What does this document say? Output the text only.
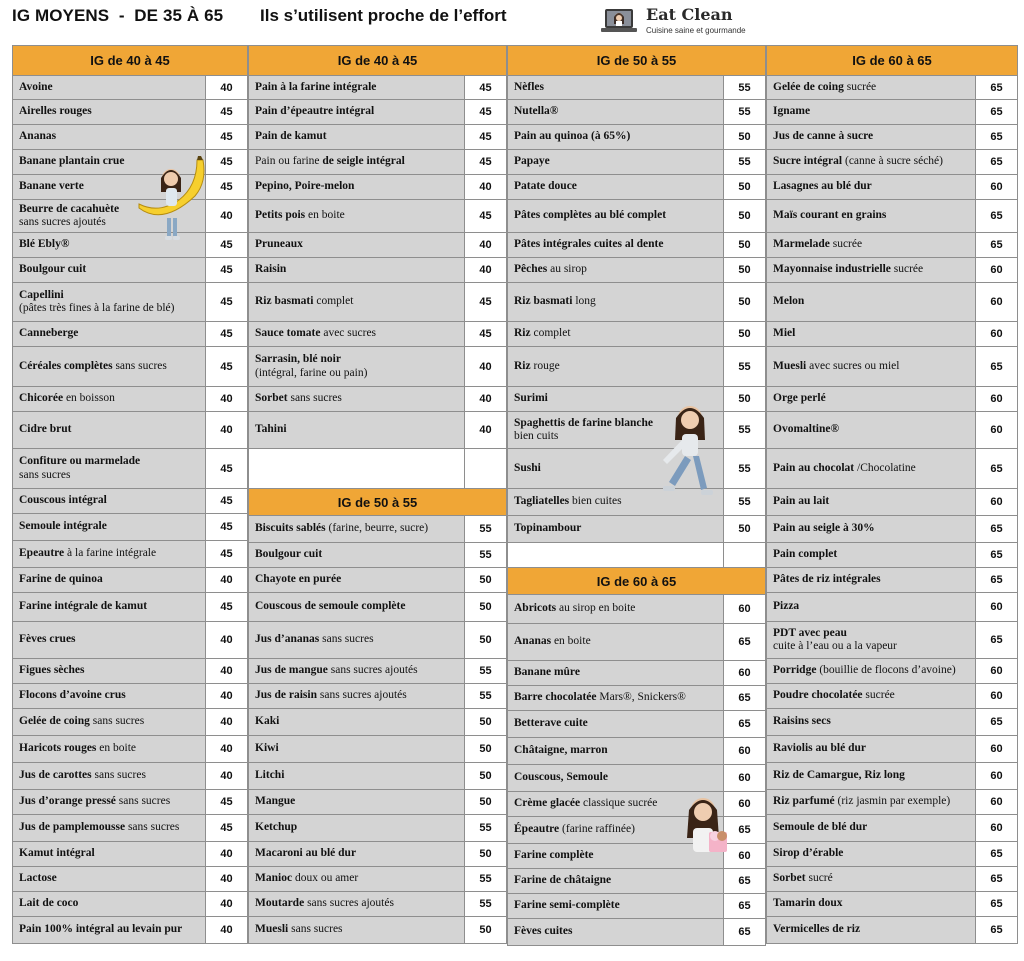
IG MOYENS  -  DE 35 À 65 Ils s’utilisent proche de l’effort	Eat Clean
Cuisine saine et gourmande
IG de 40 à 45
Avoine	40
Airelles rouges	45
Ananas	45
Banane plantain crue	45
Banane verte	45
Beurre de cacahuète
sans sucres ajoutés	40
Blé Ebly®	45
Boulgour cuit	45
Capellini
(pâtes très fines à la farine de blé)	45
Canneberge	45
Céréales complètes sans sucres	45
Chicorée en boisson	40
Cidre brut	40
Confiture ou marmelade
sans sucres	45
Couscous intégral	45
Semoule intégrale	45
Epeautre à la farine intégrale	45
Farine de quinoa	40
Farine intégrale de kamut	45
Fèves crues	40
Figues sèches	40
Flocons d’avoine crus	40
Gelée de coing sans sucres	40
Haricots rouges en boite	40
Jus de carottes sans sucres	40
Jus d’orange pressé sans sucres	45
Jus de pamplemousse sans sucres	45
Kamut intégral	40
Lactose	40
Lait de coco	40
Pain 100% intégral au levain pur	40
IG de 40 à 45
Pain à la farine intégrale	45
Pain d’épeautre intégral	45
Pain de kamut	45
Pain ou farine de seigle intégral	45
Pepino, Poire-melon	40
Petits pois en boite	45
Pruneaux	40
Raisin	40
Riz basmati complet	45
Sauce tomate avec sucres	45
Sarrasin, blé noir
(intégral, farine ou pain)	40
Sorbet sans sucres	40
Tahini	40
IG de 50 à 55
Biscuits sablés (farine, beurre, sucre)	55
Boulgour cuit	55
Chayote en purée	50
Couscous de semoule complète	50
Jus d’ananas sans sucres	50
Jus de mangue sans sucres ajoutés	55
Jus de raisin sans sucres ajoutés	55
Kaki	50
Kiwi	50
Litchi	50
Mangue	50
Ketchup	55
Macaroni au blé dur	50
Manioc doux ou amer	55
Moutarde sans sucres ajoutés	55
Muesli sans sucres	50
IG de 50 à 55
Nèfles	55
Nutella®	55
Pain au quinoa (à 65%)	50
Papaye	55
Patate douce	50
Pâtes complètes au blé complet	50
Pâtes intégrales cuites al dente	50
Pêches au sirop	50
Riz basmati long	50
Riz complet	50
Riz rouge	55
Surimi	50
Spaghettis de farine blanche
bien cuits	55
Sushi	55
Tagliatelles bien cuites	55
Topinambour	50
IG de 60 à 65
Abricots au sirop en boite	60
Ananas en boite	65
Banane mûre	60
Barre chocolatée Mars®, Snickers®	65
Betterave cuite	65
Châtaigne, marron	60
Couscous, Semoule	60
Crème glacée classique sucrée	60
Épeautre (farine raffinée)	65
Farine complète	60
Farine de châtaigne	65
Farine semi-complète	65
Fèves cuites	65
IG de 60 à 65
Gelée de coing sucrée	65
Igname	65
Jus de canne à sucre	65
Sucre intégral (canne à sucre séché)	65
Lasagnes au blé dur	60
Maïs courant en grains	65
Marmelade sucrée	65
Mayonnaise industrielle sucrée	60
Melon	60
Miel	60
Muesli avec sucres ou miel	65
Orge perlé	60
Ovomaltine®	60
Pain au chocolat /Chocolatine	65
Pain au lait	60
Pain au seigle à 30%	65
Pain complet	65
Pâtes de riz intégrales	65
Pizza	60
PDT avec peau
cuite à l’eau ou a la vapeur	65
Porridge (bouillie de flocons d’avoine)	60
Poudre chocolatée sucrée	60
Raisins secs	65
Raviolis au blé dur	60
Riz de Camargue, Riz long	60
Riz parfumé (riz jasmin par exemple)	60
Semoule de blé dur	60
Sirop d’érable	65
Sorbet sucré	65
Tamarin doux	65
Vermicelles de riz	65
